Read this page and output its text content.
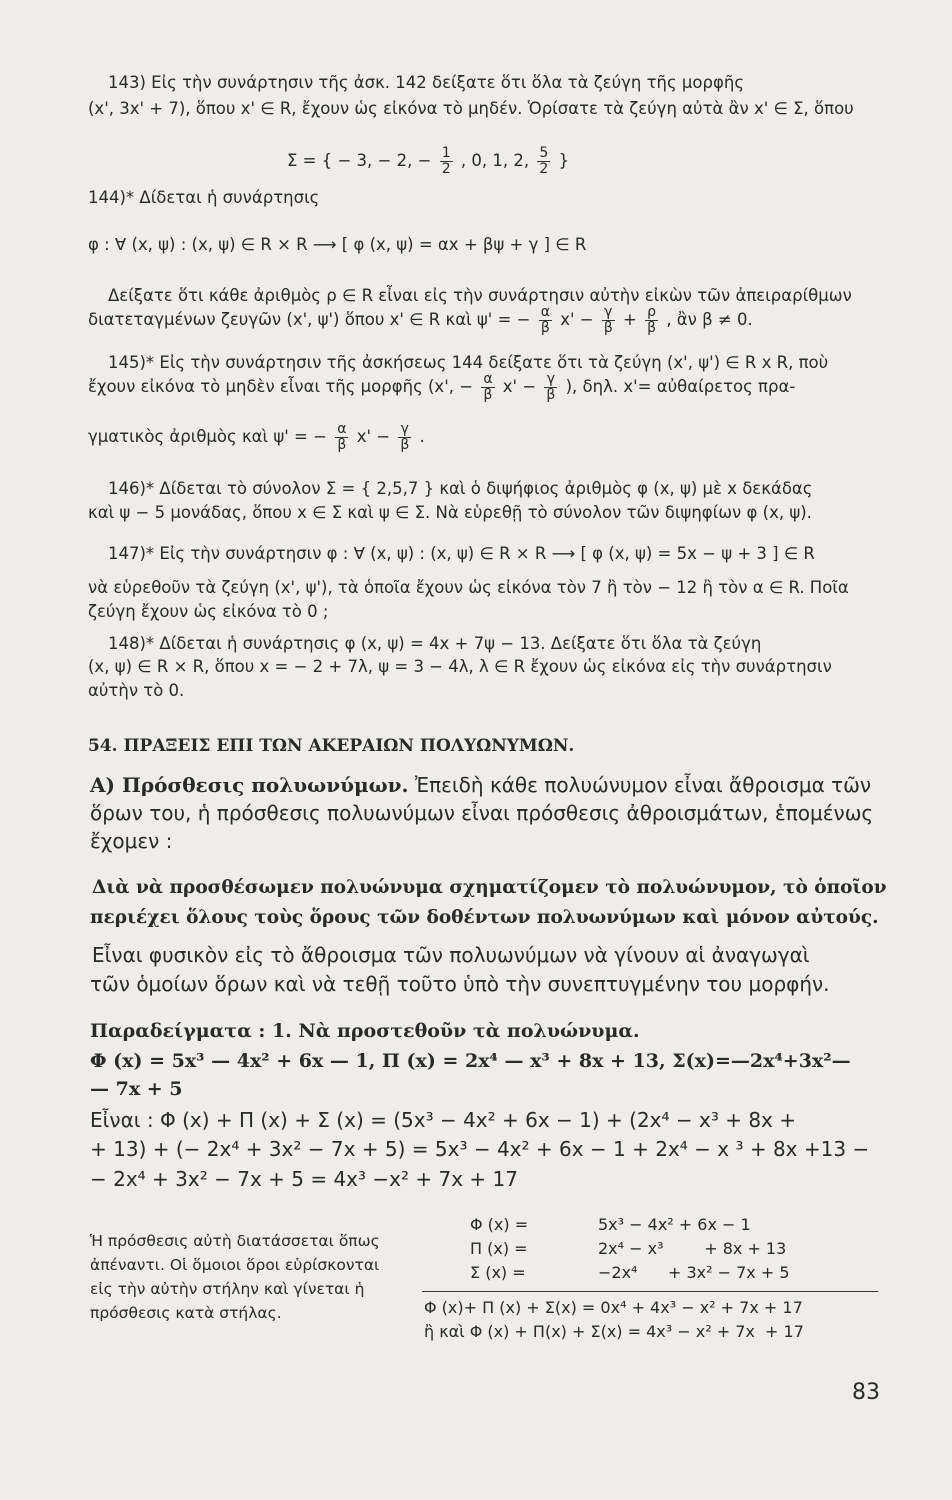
143) Εἰς τὴν συνάρτησιν τῆς ἀσκ. 142 δείξατε ὅτι ὅλα τὰ ζεύγη τῆς μορφῆς
(x', 3x' + 7), ὅπου x' ∈ R, ἔχουν ὡς εἰκόνα τὸ μηδέν. Ὁρίσατε τὰ ζεύγη αὐτὰ ἂν x' ∈ Σ, ὅπου
Σ = { − 3, − 2, − $\frac{1}{2}$ , 0, 1, 2, $\frac{5}{2}$ }
144)* Δίδεται ἡ συνάρτησις
φ : ∀ (x, ψ) : (x, ψ) ∈ R × R ⟶ [ φ (x, ψ) = αx + βψ + γ ] ∈ R
Δείξατε ὅτι κάθε ἀριθμὸς ρ ∈ R εἶναι εἰς τὴν συνάρτησιν αὐτὴν εἰκὼν τῶν ἀπειραρίθμων
διατεταγμένων ζευγῶν (x', ψ') ὅπου x' ∈ R καὶ ψ' = − $\frac{\alpha}{\beta} x' - \frac{\gamma}{\beta} + \frac{\rho}{\beta}$ , ἂν β ≠ 0.
145)* Εἰς τὴν συνάρτησιν τῆς ἀσκήσεως 144 δείξατε ὅτι τὰ ζεύγη (x', ψ') ∈ R x R, ποὺ
ἔχουν εἰκόνα τὸ μηδὲν εἶναι τῆς μορφῆς (x', − $\frac{\alpha}{\beta} x' - \frac{\gamma}{\beta}$ ), δηλ. x'= αὐθαίρετος πρα-
γματικὸς ἀριθμὸς καὶ ψ' = − $\frac{\alpha}{\beta} x' - \frac{\gamma}{\beta}$ .
146)* Δίδεται τὸ σύνολον Σ = { 2,5,7 } καὶ ὁ διψήφιος ἀριθμὸς φ (x, ψ) μὲ x δεκάδας
καὶ ψ − 5 μονάδας, ὅπου x ∈ Σ καὶ ψ ∈ Σ. Νὰ εὑρεθῇ τὸ σύνολον τῶν διψηφίων φ (x, ψ).
147)* Εἰς τὴν συνάρτησιν φ : ∀ (x, ψ) : (x, ψ) ∈ R × R ⟶ [ φ (x, ψ) = 5x − ψ + 3 ] ∈ R
νὰ εὑρεθοῦν τὰ ζεύγη (x', ψ'), τὰ ὁποῖα ἔχουν ὡς εἰκόνα τὸν 7 ἢ τὸν − 12 ἢ τὸν α ∈ R. Ποῖα
ζεύγη ἔχουν ὡς εἰκόνα τὸ 0 ;
148)* Δίδεται ἡ συνάρτησις φ (x, ψ) = 4x + 7ψ − 13. Δείξατε ὅτι ὅλα τὰ ζεύγη
(x, ψ) ∈ R × R, ὅπου x = − 2 + 7λ, ψ = 3 − 4λ, λ ∈ R ἔχουν ὡς εἰκόνα εἰς τὴν συνάρτησιν
αὐτὴν τὸ 0.
54. ΠΡΑΞΕΙΣ ΕΠΙ ΤΩΝ ΑΚΕΡΑΙΩΝ ΠΟΛΥΩΝΥΜΩΝ.
Α) Πρόσθεσις πολυωνύμων. Ἐπειδὴ κάθε πολυώνυμον εἶναι ἄθροισμα τῶν
ὅρων του, ἡ πρόσθεσις πολυωνύμων εἶναι πρόσθεσις ἀθροισμάτων, ἑπομένως
ἔχομεν :
Διὰ νὰ προσθέσωμεν πολυώνυμα σχηματίζομεν τὸ πολυώνυμον, τὸ ὁποῖον
περιέχει ὅλους τοὺς ὅρους τῶν δοθέντων πολυωνύμων καὶ μόνον αὐτούς.
Εἶναι φυσικὸν εἰς τὸ ἄθροισμα τῶν πολυωνύμων νὰ γίνουν αἱ ἀναγωγαὶ
τῶν ὁμοίων ὅρων καὶ νὰ τεθῇ τοῦτο ὑπὸ τὴν συνεπτυγμένην του μορφήν.
Παραδείγματα : 1. Νὰ προστεθοῦν τὰ πολυώνυμα.
Φ (x) = 5x³ — 4x² + 6x — 1, Π (x) = 2x⁴ — x³ + 8x + 13, Σ(x)=—2x⁴+3x²—
— 7x + 5
Εἶναι : Φ (x) + Π (x) + Σ (x) = (5x³ − 4x² + 6x − 1) + (2x⁴ − x³ + 8x +
+ 13) + (− 2x⁴ + 3x² − 7x + 5) = 5x³ − 4x² + 6x − 1 + 2x⁴ − x ³ + 8x +13 −
− 2x⁴ + 3x² − 7x + 5 = 4x³ −x² + 7x + 17
Ἡ πρόσθεσις αὐτὴ διατάσσεται ὅπως
ἀπέναντι. Οἱ ὅμοιοι ὅροι εὑρίσκονται
εἰς τὴν αὐτὴν στήλην καὶ γίνεται ἡ
πρόσθεσις κατὰ στήλας.
Φ (x) =	5x³ − 4x² + 6x − 1
Π (x) =	2x⁴ − x³        + 8x + 13
Σ (x) =	−2x⁴      + 3x² − 7x + 5
Φ (x)+ Π (x) + Σ(x) = 0x⁴ + 4x³ − x² + 7x + 17
ἢ καὶ Φ (x) + Π(x) + Σ(x) = 4x³ − x² + 7x  + 17
83
